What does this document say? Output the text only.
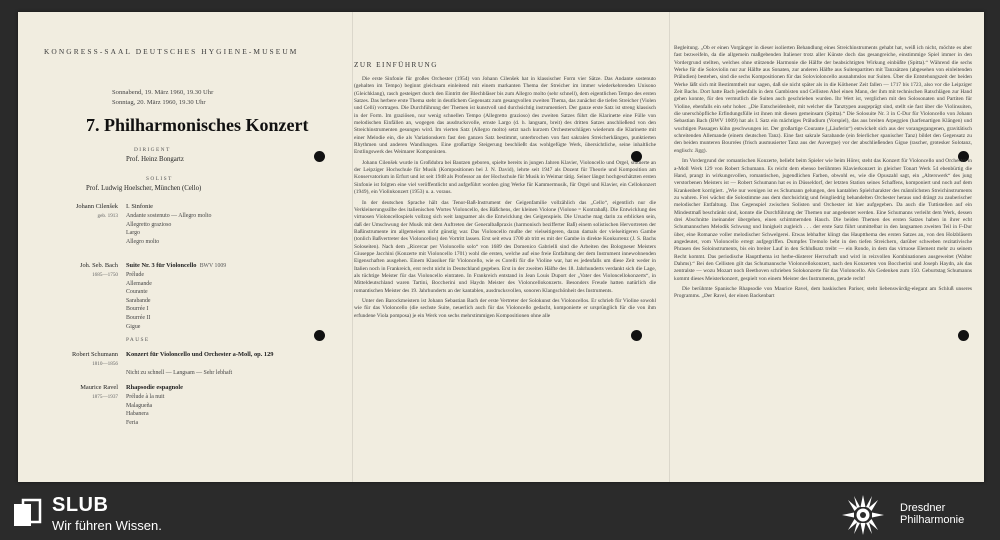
KONGRESS-SAAL DEUTSCHES HYGIENE-MUSEUM
Sonnabend, 19. März 1960, 19.30 Uhr
Sonntag, 20. März 1960, 19.30 Uhr
7. Philharmonisches Konzert
DIRIGENT
Prof. Heinz Bongartz
SOLIST
Prof. Ludwig Hoelscher, München (Cello)
Johann Cilenšek
geb. 1913
I. Sinfonie
Andante sostenuto — Allegro molto
Allegretto grazioso
Largo
Allegro molto
Joh. Seb. Bach
1685—1750
Suite Nr. 3 für Violoncello BWV 1009
Prélude
Allemande
Courante
Sarabande
Bourrée I
Bourrée II
Gigue
PAUSE
Robert Schumann
1810—1856
Konzert für Violoncello und Orchester a-Moll, op. 129
Nicht zu schnell — Langsam — Sehr lebhaft
Maurice Ravel
1875—1937
Rhapsodie espagnole
Prélude à la nuit
Malagueña
Habanera
Feria
ZUR EINFÜHRUNG

Die erste Sinfonie für großes Orchester (1954) von Johann Cilenšek hat in klassischer Form vier Sätze. Das Andante sostenuto (gehalten im Tempo) beginnt gleichsam einleitend mit einem markanten Thema der Streicher im immer wiederkehrenden Unisono (Gleichklang), rasch gesteigert durch den Eintritt der Blechbläser bis zum Allegro molto (sehr schnell), dem eigentlichen Tempo des ersten Satzes. Das herbere erste Thema steht in deutlichem Gegensatz zum gesangvollen zweiten Thema, das zunächst die tiefen Streicher (Violen und Celli) vortragen. Die Durchführung der Themen ist kunstvoll und durchsichtig instrumentiert. Der ganze erste Satz ist streng klassisch in der Form. Im graziösen, nur wenig schnellen Tempo (Allegretto grazioso) des zweiten Satzes führt die Klarinette eine Fülle von melodischen Einfällen an, wogegen das ausdrucksvolle, ernste Largo (d. h. langsam, breit) des dritten Satzes anschließend von den Streichinstrumenten gesungen wird. Im vierten Satz (Allegro molto) setzt nach kurzem Orchesterschlägen wiederum die Klarinette mit einer Melodie ein, die als Variationskern fast den ganzen Satz bestimmt, unterbrochen von fast sakralen Streicherklängen, punktierten Rhythmen und anderen Wandlungen. Eine großartige Steigerung beschließt das wohlgefügte Werk, übersichtliche, seine inhaltliche Erstlingswerk des Weimarer Komponisten.

Johann Cilenšek wurde in Großdubra bei Bautzen geboren, spielte bereits in jungen Jahren Klavier, Violoncello und Orgel, studierte an der Leipziger Hochschule für Musik (Kompositionen bei J. N. David), lehrte seit 1947 als Dozent für Theorie und Komposition am Konservatorium in Erfurt und ist seit 1948 als Professor an der Hochschule für Musik in Weimar tätig. Seiner längst hochgeschätzten ersten Sinfonie ist folgten eine viel veröffentlicht und aufgeführt worden ging Werke für Kammermusik, für Orgel und Klavier, ein Cellokonzert (1949), ein Violinkonzert (1953) u. a. voraus.

In der deutschen Sprache hält das Tenor-Baß-Instrument der Geigenfamilie vollzählich das „Cello“, eigentlich nur die Verkleinerungssilbe des italienischen Wortes Violoncello, des Bäßchens, der kleinen Violone (Violone = Kontrabaß). Die Entwicklung des virtuosen Violoncellospiels vollzog sich weit langsamer als die Entwicklung des Geigenspiels. Die Ursache mag darin zu erblicken sein, daß der Umschwung der Musik mit dem Auftreten der Generalbaßpraxis (harmonisch bezifferter Baß) einem solistischen Hervortreten der Baßinstrumente im allgemeinen nicht günstig war. Das Violoncello mußte der vielseitigeren, daran damals der vielseitigeren Gambe (tonlich Baßvertreter des Violoncellos) den Vortritt lassen. Erst seit etwa 1700 ab tritt es mit der Gambe in direkte Konkurrenz (J. S. Bachs Soloseiten). Nach dem „Ricercar per Violoncello solo“ von 1689 des Domenico Gabrielli sind die Arbeiten des Bologneser Meisters Giuseppe Jacchini (Konzerte mit Violoncello 1701) wohl die ersten, welche auf eine freie Entfaltung der dem Instrument innewohnenden Eigenschaften ausgehen. Einem Klassiker für Violoncello, wie es Corelli für die Violine war, hat es jedenfalls um diese Zeit weder in Italien noch in Frankreich, erst recht nicht in Deutschland gegeben. Erst in der zweiten Hälfte des 18. Jahrhunderts verdankt sich die Lage, als tüchtige Meister für das Violoncello eintraten. In Frankreich entstand in Jean Louis Duport der „Vater des Violoncellokonzerts“, in Mitteldeutschland waren Tartini, Boccherini und Haydn Meister des Violoncellokonzerts. Besonders Freude hatten natürlich die romantischen Meister des 19. Jahrhunderts an der kantablen, ausdrucksvollen, sonoren Klangschönheit des Instruments.

Unter den Barockmeistern ist Johann Sebastian Bach der erste Vertreter der Solokunst des Violoncellos. Er schrieb für Violine sowohl wie für das Violoncello (die sechste Suite, neuerlich auch für das Violoncello gedacht, komponierte er ursprünglich für die von ihm erfundene Viola pomposa) je ein Werk von sechs mehrstimmigen Kompositionen ohne alle

Begleitung. „Ob er einen Vorgänger in dieser isolierten Behandlung eines Streichinstruments gehabt hat, weiß ich nicht, möchte es aber fast bezweifeln, da die allgemein maßgebenden Italiener trotz aller Künste doch das gesangreiche, einstimmige Spiel immer in den Vordergrund stellten, welches ohne stützende Harmonie die Hälfte der beabsichtigten Wirkung einbüßte (Spitta).“ Während die sechs Werke für die Soloviolin nur zur Hälfte aus Sonaten, zur anderen Hälfte aus Suitenpartiten mit Tanzsätzen (abgesehen von einleitenden Präludien) bestehen, sind die sechs Kompositionen für das Solovioloncello ausnahmslos nur Suiten. Über die Entstehungszeit der beiden Werke läßt sich mit Bestimmtheit nur sagen, daß sie nicht später als in die Köthener Zeit fallen — 1717 bis 1723, also vor die Leipziger Zeit Bachs. Dort hatte Bach jedenfalls in dem Gambisten und Cellisten Abel einen Mann, der ihm mit technischen Ratschlägen zur Hand gehen konnte, für den vermutlich die Suiten auch geschrieben wurden. Ihr Wert ist, verglichen mit den Solosonaten und Partiten für Violine, ebenfalls ein sehr hoher. „Die Entscheidenheit, mit welcher die Tanztypen ausgeprägt sind, stellt sie fast über die Violinsuiten, die unerschöpfliche Erfindungsfülle ist ihnen mit diesen gemeinsam (Spitta).“ Die Solosuite Nr. 3 in C-Dur für Violoncello von Johann Sebastian Bach (BWV 1009) hat als I. Satz ein mächtiges Präludium (Vorspiel), das aus breiten Arpeggien (harfenartigen Klängen) und wuchtigen Passagen kühn geschwungen ist. Der großartige Courante („Läuferin“) entwickelt sich aus der vorangegangenen, gravitätisch schreitenden Allemande (einem deutschen Tanz). Eine fast sakrale Sarabande (ein feierlicher spanischer Tanz) bildet den Gegensatz zu den beiden munteren Bourrées (frisch ausmusierter Tanz aus der Auvergne) vor der abschließenden Gigue (rascher, grotesker Solotanz, englisch: Jigg).

Im Vordergrund der romantischen Konzerte, beliebt beim Spieler wie beim Hörer, steht das Konzert für Violoncello und Orchester in a-Moll Werk 129 von Robert Schumann. Es reicht dem ebenso berühmten Klavierkonzert in gleicher Tonart Werk 54 ebenbürtig die Hand, prangt in wirkungsvollen, romantischen, jugendlichen Farben, obwohl es, wie die Opuszahl sagt, ein „Alterswerk“ des jung verstorbenen Meisters ist — Robert Schumann hat es in Düsseldorf, der letzten Station seines Schaffens, komponiert und noch auf dem Krankenbett korrigiert. „Wie nur wenigen ist es Schumann gelungen, den kantablen Spielcharakter des männlichsten Streichinstruments zu wahren. Frei wächst die Solostimme aus dem durchsichtig und feingliedrig behandelten Orchester heraus und drängt zu zauberischer melodischer Entfaltung. Das Gegenspiel zwischen Solisten und Orchester ist hier aufgegeben. Da auch die Tuttistellen auf ein Mindestmaß beschränkt sind, konnte die Durchführung der Themen nur angedeutet werden. Eine Schumanns verleiht dem Werk, dessen drei Abschnitte ineinander übergehen, einen schimmernden Hauch. Die beiden Themen des ersten Satzes haben in ihrer echt Schumannschen Melodik Schwung und Innigkeit zugleich . . . der erste Satz führt unmittelbar in den langsamen zweiten Teil in F-Dur über, eine Romanze voller melodischer Schwelgerei. Etwas lebhafter klingt das Hauptthema des ersten Satzes an, von den Holzbläsern angedeutet, vom Violoncello erregt aufgegriffen. Dumpfes Tremolo bebt in den tiefen Streichern, darüber schweben rezitativische Phrasen des Soloinstruments, bis ein breiter Lauf in den Schlußsatz treibt — ein Rondo, in dem das virtuose Element mehr zu seinem Recht kommt. Das periodische Hauptthema ist herbe-düsterer Herrschaft und wird in reizvollen Kombinationen ausgeweitet (Walter Dahms).“ Bei den Cellisten gilt das Schumannsche Violoncellokonzert, nach den Konzerten von Boccherini und Joseph Haydn, als das zentralste — wozu Mozart noch Beethoven schrieben Solokonzerte für das Violoncello. Als Gedenken zum 150. Geburtstag Schumanns kommt dieses Meisterkonzert, gespielt von einem Meister des Instruments, gerade recht!

Die berühmte Spanische Rhapsodie von Maurice Ravel, dem baskischen Pariser, steht liebenswürdig-elegant am Schluß unseres Programms. „Der Ravel, der einen Backenbart

SLUB
Wir führen Wissen.
Dresdner
Philharmonie
